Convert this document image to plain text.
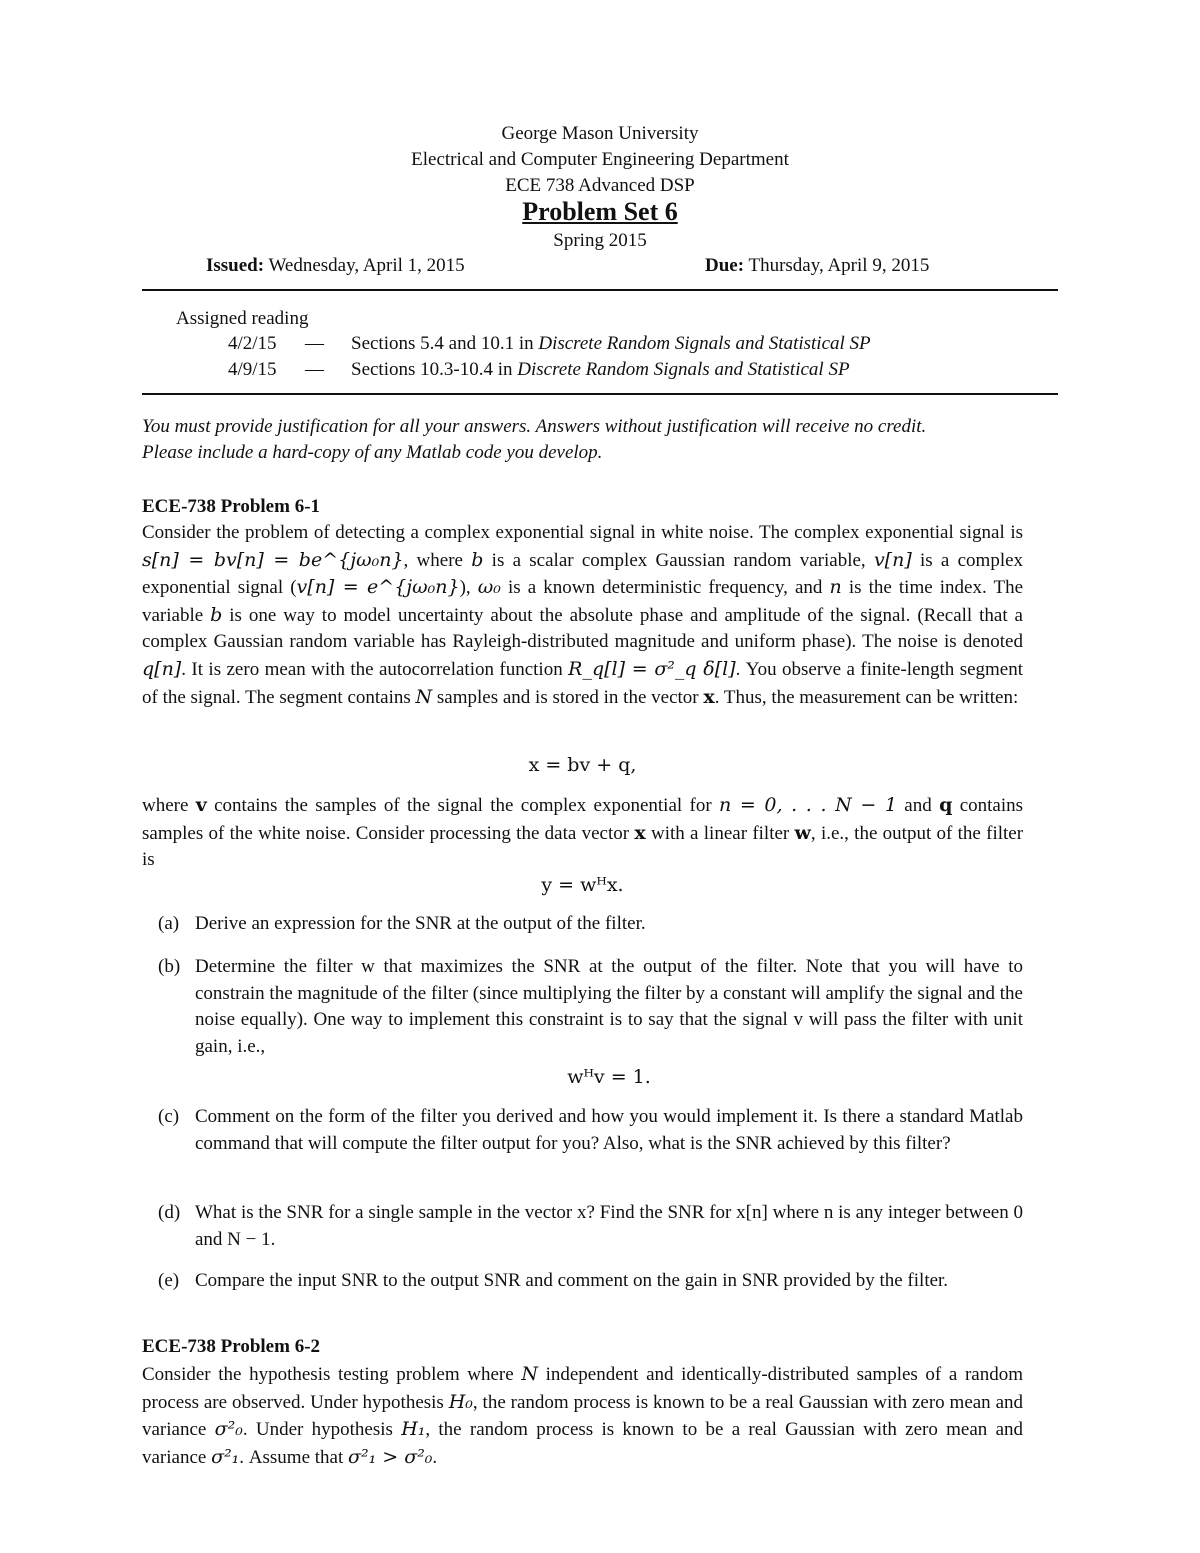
George Mason University
Electrical and Computer Engineering Department
ECE 738 Advanced DSP
Problem Set 6
Spring 2015
Issued: Wednesday, April 1, 2015	Due: Thursday, April 9, 2015
Assigned reading
4/2/15 — Sections 5.4 and 10.1 in Discrete Random Signals and Statistical SP
4/9/15 — Sections 10.3-10.4 in Discrete Random Signals and Statistical SP
You must provide justification for all your answers. Answers without justification will receive no credit.
Please include a hard-copy of any Matlab code you develop.
ECE-738 Problem 6-1
Consider the problem of detecting a complex exponential signal in white noise. The complex exponential signal is s[n] = bv[n] = be^{jω₀n}, where b is a scalar complex Gaussian random variable, v[n] is a complex exponential signal (v[n] = e^{jω₀n}), ω₀ is a known deterministic frequency, and n is the time index. The variable b is one way to model uncertainty about the absolute phase and amplitude of the signal. (Recall that a complex Gaussian random variable has Rayleigh-distributed magnitude and uniform phase). The noise is denoted q[n]. It is zero mean with the autocorrelation function R_q[l] = σ²_q δ[l]. You observe a finite-length segment of the signal. The segment contains N samples and is stored in the vector x. Thus, the measurement can be written:
x = bv + q,
where v contains the samples of the signal the complex exponential for n = 0, . . . N − 1 and q contains samples of the white noise. Consider processing the data vector x with a linear filter w, i.e., the output of the filter is
y = wᴴx.
(a) Derive an expression for the SNR at the output of the filter.
(b) Determine the filter w that maximizes the SNR at the output of the filter. Note that you will have to constrain the magnitude of the filter (since multiplying the filter by a constant will amplify the signal and the noise equally). One way to implement this constraint is to say that the signal v will pass the filter with unit gain, i.e.,
wᴴv = 1.
(c) Comment on the form of the filter you derived and how you would implement it. Is there a standard Matlab command that will compute the filter output for you? Also, what is the SNR achieved by this filter?
(d) What is the SNR for a single sample in the vector x? Find the SNR for x[n] where n is any integer between 0 and N − 1.
(e) Compare the input SNR to the output SNR and comment on the gain in SNR provided by the filter.
ECE-738 Problem 6-2
Consider the hypothesis testing problem where N independent and identically-distributed samples of a random process are observed. Under hypothesis H₀, the random process is known to be a real Gaussian with zero mean and variance σ²₀. Under hypothesis H₁, the random process is known to be a real Gaussian with zero mean and variance σ²₁. Assume that σ²₁ > σ²₀.
